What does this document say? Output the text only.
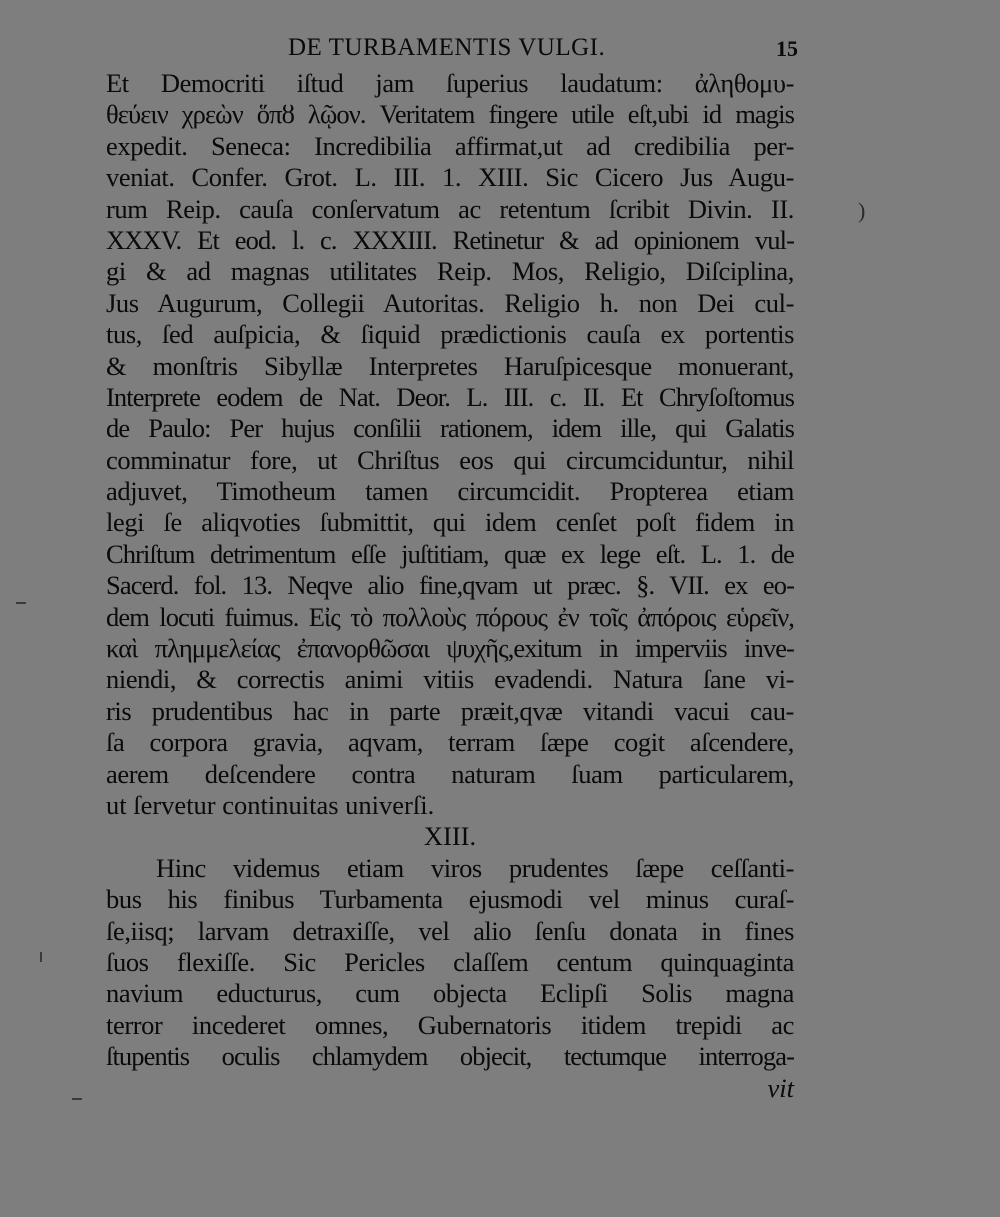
DE TURBAMENTIS VULGI.	15
Et Democriti iſtud jam ſuperius laudatum: ἀληθομυ-
θεύειν χρεὼν ὅπȣ λῷον. Veritatem fingere utile eſt,ubi id magis
expedit. Seneca: Incredibilia affirmat,ut ad credibilia per-
veniat. Confer. Grot. L. III. 1. XIII. Sic Cicero Jus Augu-
rum Reip. cauſa conſervatum ac retentum ſcribit Divin. II.
XXXV. Et eod. l. c. XXXIII. Retinetur & ad opinionem vul-
gi & ad magnas utilitates Reip. Mos, Religio, Diſciplina,
Jus Augurum, Collegii Autoritas. Religio h. non Dei cul-
tus, ſed auſpicia, & ſiquid prædictionis cauſa ex portentis
& monſtris Sibyllæ Interpretes Haruſpicesque monuerant,
Interprete eodem de Nat. Deor. L. III. c. II. Et Chryſoſtomus
de Paulo: Per hujus conſilii rationem, idem ille, qui Galatis
comminatur fore, ut Chriſtus eos qui circumciduntur, nihil
adjuvet, Timotheum tamen circumcidit. Propterea etiam
legi ſe aliqvoties ſubmittit, qui idem cenſet poſt fidem in
Chriſtum detrimentum eſſe juſtitiam, quæ ex lege eſt. L. 1. de
Sacerd. fol. 13. Neqve alio fine,qvam ut præc. §. VII. ex eo-
dem locuti fuimus. Εἰς τὸ πολλοὺς πόρους ἐν τοῖς ἀπόροις εὑρεῖν,
καὶ πλημμελείας ἐπανορθῶσαι ψυχῆς,exitum in imperviis inve-
niendi, & correctis animi vitiis evadendi. Natura ſane vi-
ris prudentibus hac in parte præit,qvæ vitandi vacui cau-
ſa corpora gravia, aqvam, terram ſæpe cogit aſcendere,
aerem deſcendere contra naturam ſuam particularem,
ut ſervetur continuitas univerſi.
XIII.
Hinc videmus etiam viros prudentes ſæpe ceſſanti-
bus his finibus Turbamenta ejusmodi vel minus curaſ-
ſe,iisq; larvam detraxiſſe, vel alio ſenſu donata in fines
ſuos flexiſſe. Sic Pericles claſſem centum quinquaginta
navium educturus, cum objecta Eclipſi Solis magna
terror incederet omnes, Gubernatoris itidem trepidi ac
ſtupentis oculis chlamydem objecit, tectumque interroga-
vit
)
